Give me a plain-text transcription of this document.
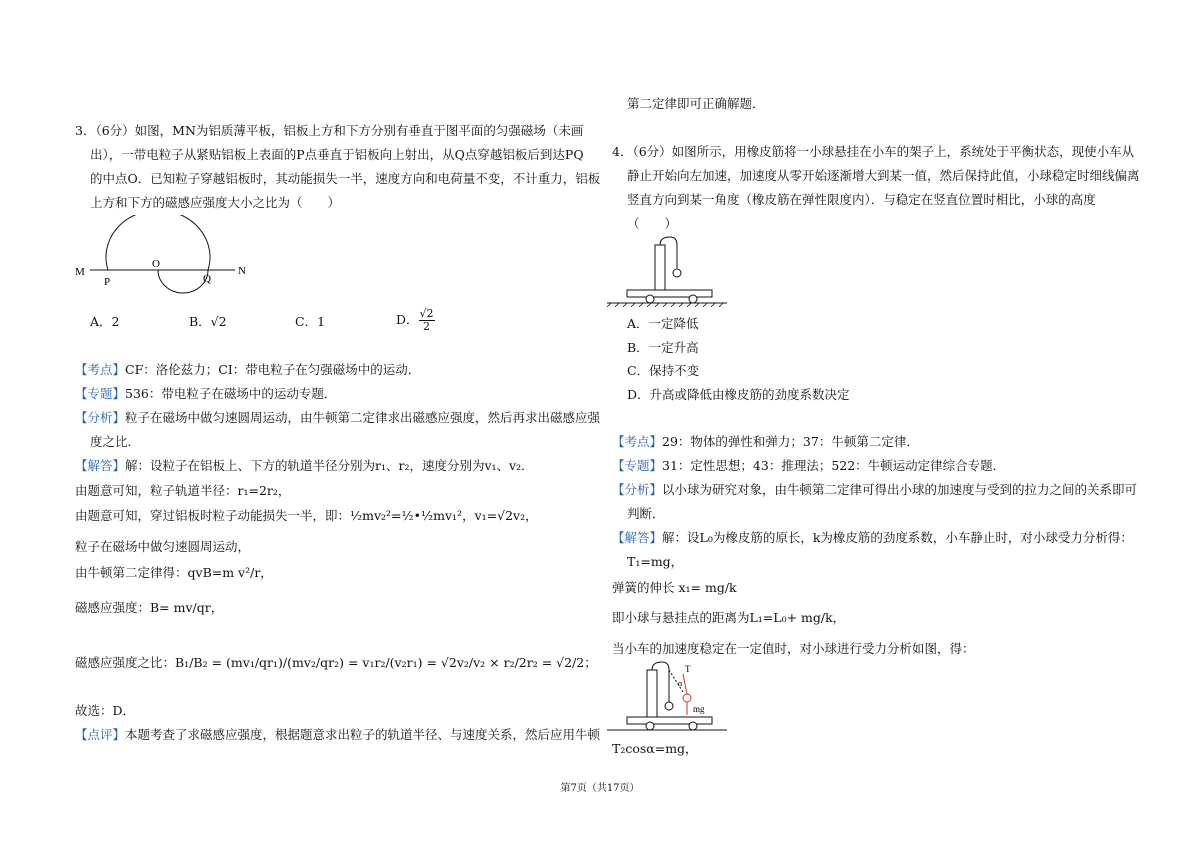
3．（6分）如图，MN为铝质薄平板，铝板上方和下方分别有垂直于图平面的匀强磁场（未画
出），一带电粒子从紧贴铝板上表面的P点垂直于铝板向上射出，从Q点穿越铝板后到达PQ
的中点O．已知粒子穿越铝板时，其动能损失一半，速度方向和电荷量不变，不计重力，铝板
上方和下方的磁感应强度大小之比为（　　）
M	N
O
P	Q
A．2	B．√2	C．1	D． $\frac{√2}{2}$
【考点】CF：洛伦兹力；CI：带电粒子在匀强磁场中的运动．
【专题】536：带电粒子在磁场中的运动专题．
【分析】粒子在磁场中做匀速圆周运动，由牛顿第二定律求出磁感应强度，然后再求出磁感应强
度之比．
【解答】解：设粒子在铝板上、下方的轨道半径分别为r₁、r₂，速度分别为v₁、v₂．
由题意可知，粒子轨道半径：r₁=2r₂，
由题意可知，穿过铝板时粒子动能损失一半，即：½mv₂²=½•½mv₁²，v₁=√2v₂，
粒子在磁场中做匀速圆周运动，
由牛顿第二定律得：qvB=m v²/r，
磁感应强度：B= mv/qr，
磁感应强度之比：B₁/B₂ = (mv₁/qr₁)/(mv₂/qr₂) = v₁r₂/(v₂r₁) = √2v₂/v₂ × r₂/2r₂ = √2/2；
故选：D．
【点评】本题考查了求磁感应强度，根据题意求出粒子的轨道半径、与速度关系，然后应用牛顿
第二定律即可正确解题．
4．（6分）如图所示，用橡皮筋将一小球悬挂在小车的架子上，系统处于平衡状态，现使小车从
静止开始向左加速，加速度从零开始逐渐增大到某一值，然后保持此值，小球稳定时细线偏离
竖直方向到某一角度（橡皮筋在弹性限度内）．与稳定在竖直位置时相比，小球的高度
（　　）
A．一定降低
B．一定升高
C．保持不变
D．升高或降低由橡皮筋的劲度系数决定
【考点】29：物体的弹性和弹力；37：牛顿第二定律．
【专题】31：定性思想；43：推理法；522：牛顿运动定律综合专题．
【分析】以小球为研究对象，由牛顿第二定律可得出小球的加速度与受到的拉力之间的关系即可
判断．
【解答】解：设L₀为橡皮筋的原长，k为橡皮筋的劲度系数，小车静止时，对小球受力分析得：
T₁=mg，
弹簧的伸长 x₁= mg/k
即小球与悬挂点的距离为L₁=L₀+ mg/k，
当小车的加速度稳定在一定值时，对小球进行受力分析如图，得：
T
α
mg
T₂cosα=mg，
第7页（共17页）
